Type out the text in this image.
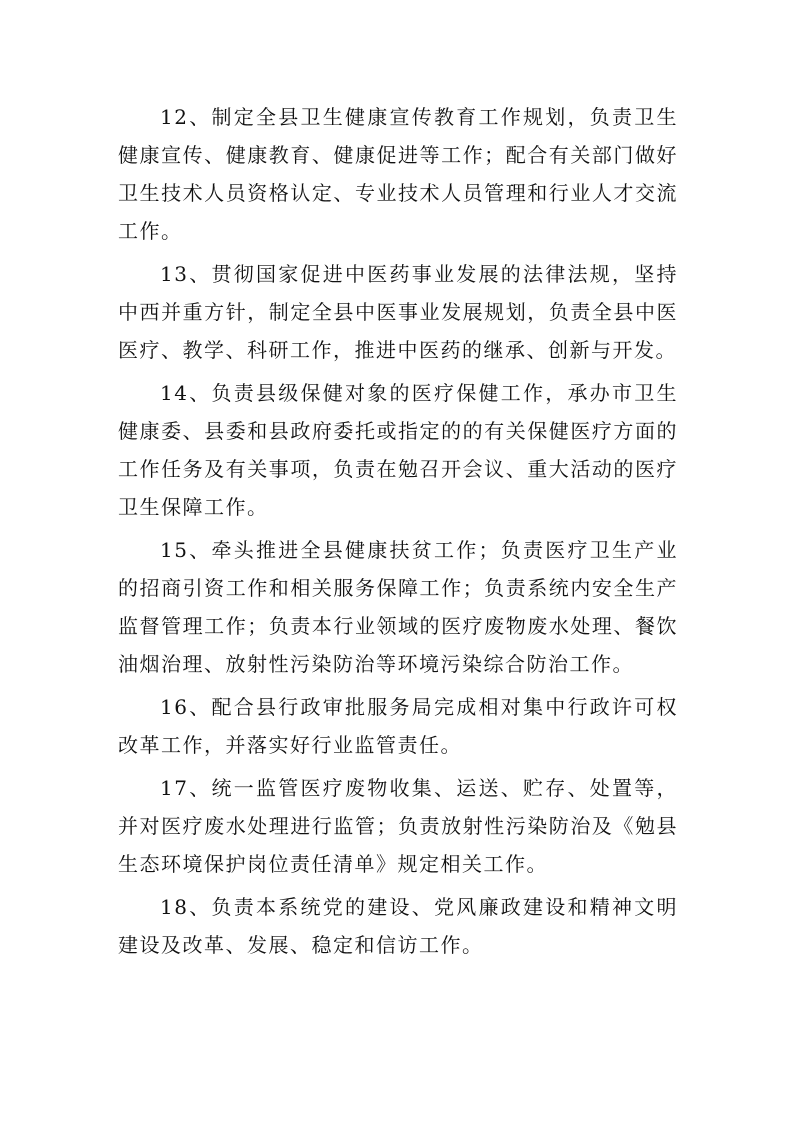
12、制定全县卫生健康宣传教育工作规划，负责卫生健康宣传、健康教育、健康促进等工作；配合有关部门做好卫生技术人员资格认定、专业技术人员管理和行业人才交流工作。

13、贯彻国家促进中医药事业发展的法律法规，坚持中西并重方针，制定全县中医事业发展规划，负责全县中医医疗、教学、科研工作，推进中医药的继承、创新与开发。

14、负责县级保健对象的医疗保健工作，承办市卫生健康委、县委和县政府委托或指定的的有关保健医疗方面的工作任务及有关事项，负责在勉召开会议、重大活动的医疗卫生保障工作。

15、牵头推进全县健康扶贫工作；负责医疗卫生产业的招商引资工作和相关服务保障工作；负责系统内安全生产监督管理工作；负责本行业领域的医疗废物废水处理、餐饮油烟治理、放射性污染防治等环境污染综合防治工作。

16、配合县行政审批服务局完成相对集中行政许可权改革工作，并落实好行业监管责任。

17、统一监管医疗废物收集、运送、贮存、处置等，并对医疗废水处理进行监管；负责放射性污染防治及《勉县生态环境保护岗位责任清单》规定相关工作。

18、负责本系统党的建设、党风廉政建设和精神文明建设及改革、发展、稳定和信访工作。
